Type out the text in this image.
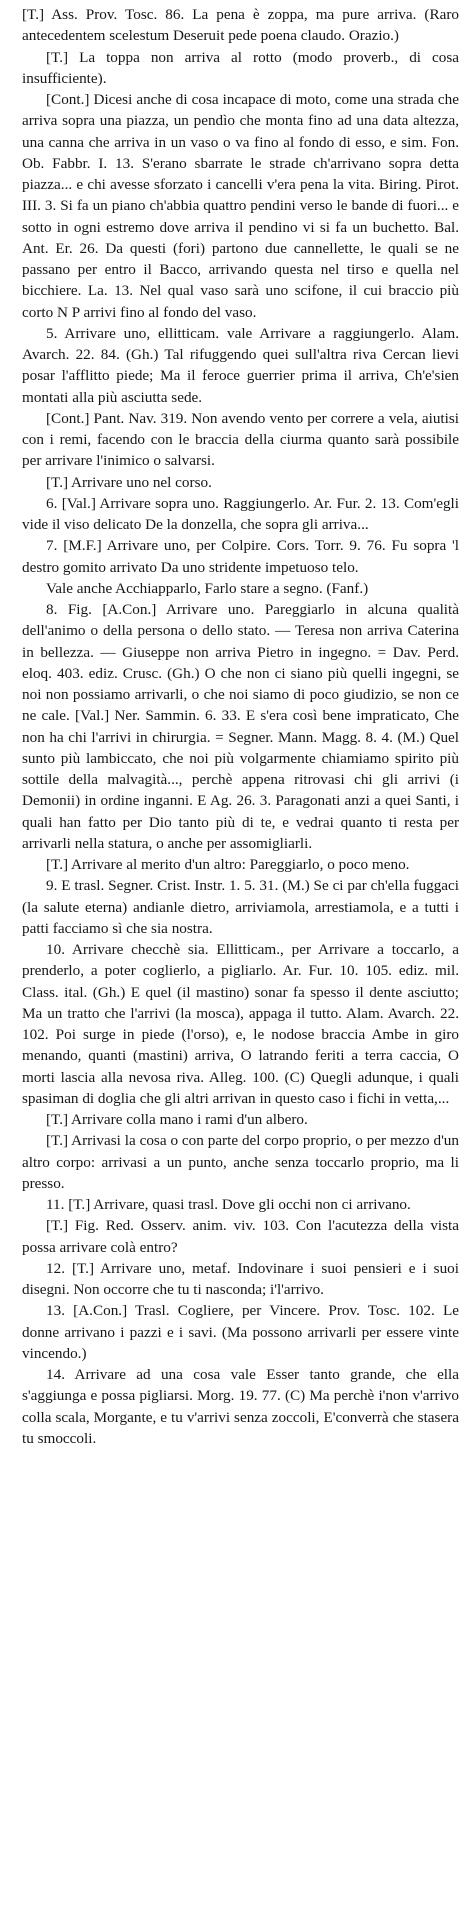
[T.] Ass. Prov. Tosc. 86. La pena è zoppa, ma pure arriva. (Raro antecedentem scelestum Deseruit pede poena claudo. Orazio.)

[T.] La toppa non arriva al rotto (modo proverb., di cosa insufficiente).

[Cont.] Dicesi anche di cosa incapace di moto, come una strada che arriva sopra una piazza, un pendìo che monta fino ad una data altezza, una canna che arriva in un vaso o va fino al fondo di esso, e sim. Fon. Ob. Fabbr. I. 13. S'erano sbarrate le strade ch'arrivano sopra detta piazza... e chi avesse sforzato i cancelli v'era pena la vita. Biring. Pirot. III. 3. Si fa un piano ch'abbia quattro pendini verso le bande di fuori... e sotto in ogni estremo dove arriva il pendino vi si fa un buchetto. Bal. Ant. Er. 26. Da questi (fori) partono due cannellette, le quali se ne passano per entro il Bacco, arrivando questa nel tirso e quella nel bicchiere. La. 13. Nel qual vaso sarà uno scifone, il cui braccio più corto N P arrivi fino al fondo del vaso.

5. Arrivare uno, ellitticam. vale Arrivare a raggiungerlo. Alam. Avarch. 22. 84. (Gh.) Tal rifuggendo quei sull'altra riva Cercan lievi posar l'afflitto piede; Ma il feroce guerrier prima il arriva, Ch'e'sien montati alla più asciutta sede.

[Cont.] Pant. Nav. 319. Non avendo vento per correre a vela, aiutisi con i remi, facendo con le braccia della ciurma quanto sarà possibile per arrivare l'inimico o salvarsi.

[T.] Arrivare uno nel corso.

6. [Val.] Arrivare sopra uno. Raggiungerlo. Ar. Fur. 2. 13. Com'egli vide il viso delicato De la donzella, che sopra gli arriva...

7. [M.F.] Arrivare uno, per Colpire. Cors. Torr. 9. 76. Fu sopra 'l destro gomito arrivato Da uno stridente impetuoso telo.

Vale anche Acchiapparlo, Farlo stare a segno. (Fanf.)

8. Fig. [A.Con.] Arrivare uno. Pareggiarlo in alcuna qualità dell'animo o della persona o dello stato. — Teresa non arriva Caterina in bellezza. — Giuseppe non arriva Pietro in ingegno. = Dav. Perd. eloq. 403. ediz. Crusc. (Gh.) O che non ci siano più quelli ingegni, se noi non possiamo arrivarli, o che noi siamo di poco giudizio, se non ce ne cale. [Val.] Ner. Sammin. 6. 33. E s'era così bene impraticato, Che non ha chi l'arrivi in chirurgia. = Segner. Mann. Magg. 8. 4. (M.) Quel sunto più lambiccato, che noi più volgarmente chiamiamo spirito più sottile della malvagità..., perchè appena ritrovasi chi gli arrivi (i Demonii) in ordine inganni. E Ag. 26. 3. Paragonati anzi a quei Santi, i quali han fatto per Dio tanto più di te, e vedrai quanto ti resta per arrivarli nella statura, o anche per assomigliarli.

[T.] Arrivare al merito d'un altro: Pareggiarlo, o poco meno.

9. E trasl. Segner. Crist. Instr. 1. 5. 31. (M.) Se ci par ch'ella fuggaci (la salute eterna) andianle dietro, arriviamola, arrestiamola, e a tutti i patti facciamo sì che sia nostra.

10. Arrivare checchè sia. Ellitticam., per Arrivare a toccarlo, a prenderlo, a poter coglierlo, a pigliarlo. Ar. Fur. 10. 105. ediz. mil. Class. ital. (Gh.) E quel (il mastino) sonar fa spesso il dente asciutto; Ma un tratto che l'arrivi (la mosca), appaga il tutto. Alam. Avarch. 22. 102. Poi surge in piede (l'orso), e, le nodose braccia Ambe in giro menando, quanti (mastini) arriva, O latrando feriti a terra caccia, O morti lascia alla nevosa riva. Alleg. 100. (C) Quegli adunque, i quali spasiman di doglia che gli altri arrivan in questo caso i fichi in vetta,...

[T.] Arrivare colla mano i rami d'un albero.

[T.] Arrivasi la cosa o con parte del corpo proprio, o per mezzo d'un altro corpo: arrivasi a un punto, anche senza toccarlo proprio, ma li presso.

11. [T.] Arrivare, quasi trasl. Dove gli occhi non ci arrivano.

[T.] Fig. Red. Osserv. anim. viv. 103. Con l'acutezza della vista possa arrivare colà entro?

12. [T.] Arrivare uno, metaf. Indovinare i suoi pensieri e i suoi disegni. Non occorre che tu ti nasconda; i'l'arrivo.

13. [A.Con.] Trasl. Cogliere, per Vincere. Prov. Tosc. 102. Le donne arrivano i pazzi e i savi. (Ma possono arrivarli per essere vinte vincendo.)

14. Arrivare ad una cosa vale Esser tanto grande, che ella s'aggiunga e possa pigliarsi. Morg. 19. 77. (C) Ma perchè i'non v'arrivo colla scala, Morgante, e tu v'arrivi senza zoccoli, E'converrà che stasera tu smoccoli.
